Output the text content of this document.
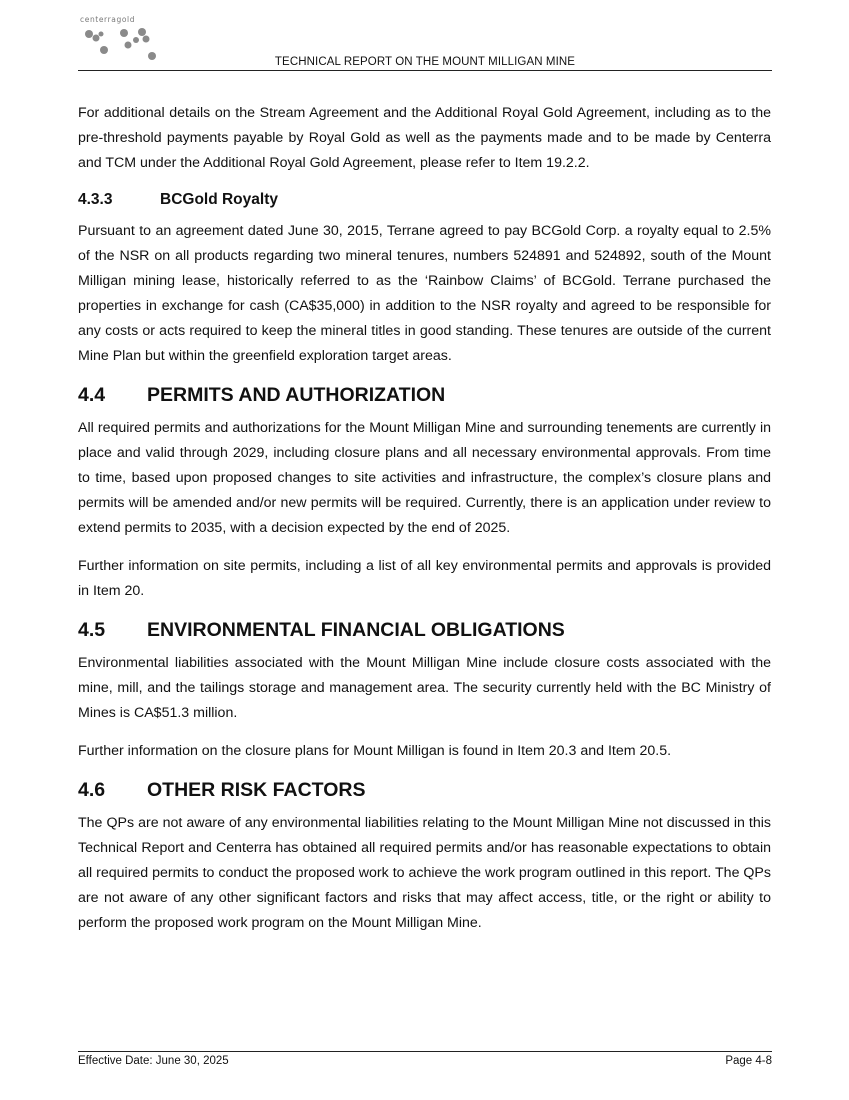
centerragold
TECHNICAL REPORT ON THE MOUNT MILLIGAN MINE

For additional details on the Stream Agreement and the Additional Royal Gold Agreement, including as to the pre-threshold payments payable by Royal Gold as well as the payments made and to be made by Centerra and TCM under the Additional Royal Gold Agreement, please refer to Item 19.2.2.

4.3.3	BCGold Royalty

Pursuant to an agreement dated June 30, 2015, Terrane agreed to pay BCGold Corp. a royalty equal to 2.5% of the NSR on all products regarding two mineral tenures, numbers 524891 and 524892, south of the Mount Milligan mining lease, historically referred to as the ‘Rainbow Claims’ of BCGold. Terrane purchased the properties in exchange for cash (CA$35,000) in addition to the NSR royalty and agreed to be responsible for any costs or acts required to keep the mineral titles in good standing. These tenures are outside of the current Mine Plan but within the greenfield exploration target areas.

4.4 PERMITS AND AUTHORIZATION

All required permits and authorizations for the Mount Milligan Mine and surrounding tenements are currently in place and valid through 2029, including closure plans and all necessary environmental approvals. From time to time, based upon proposed changes to site activities and infrastructure, the complex’s closure plans and permits will be amended and/or new permits will be required. Currently, there is an application under review to extend permits to 2035, with a decision expected by the end of 2025.

Further information on site permits, including a list of all key environmental permits and approvals is provided in Item 20.

4.5 ENVIRONMENTAL FINANCIAL OBLIGATIONS

Environmental liabilities associated with the Mount Milligan Mine include closure costs associated with the mine, mill, and the tailings storage and management area. The security currently held with the BC Ministry of Mines is CA$51.3 million.

Further information on the closure plans for Mount Milligan is found in Item 20.3 and Item 20.5.

4.6 OTHER RISK FACTORS

The QPs are not aware of any environmental liabilities relating to the Mount Milligan Mine not discussed in this Technical Report and Centerra has obtained all required permits and/or has reasonable expectations to obtain all required permits to conduct the proposed work to achieve the work program outlined in this report. The QPs are not aware of any other significant factors and risks that may affect access, title, or the right or ability to perform the proposed work program on the Mount Milligan Mine.

Effective Date: June 30, 2025	Page 4-8
